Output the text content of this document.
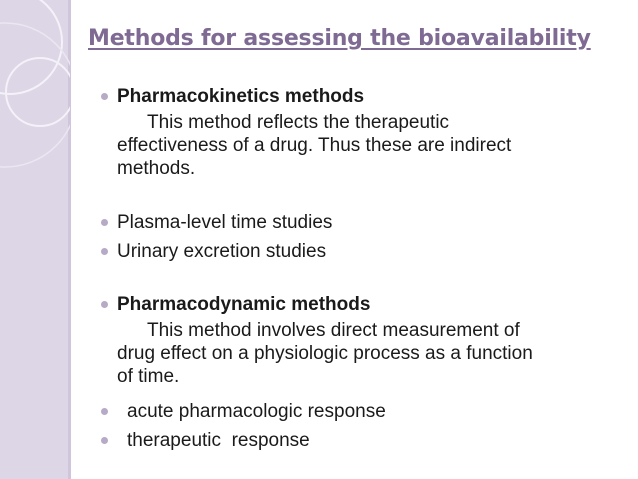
Methods for assessing the bioavailability

Pharmacokinetics methods

This method reflects the therapeutic
effectiveness of a drug. Thus these are indirect
methods.

Plasma-level time studies

Urinary excretion studies

Pharmacodynamic methods

This method involves direct measurement of
drug effect on a physiologic process as a function
of time.

acute pharmacologic response

therapeutic  response
